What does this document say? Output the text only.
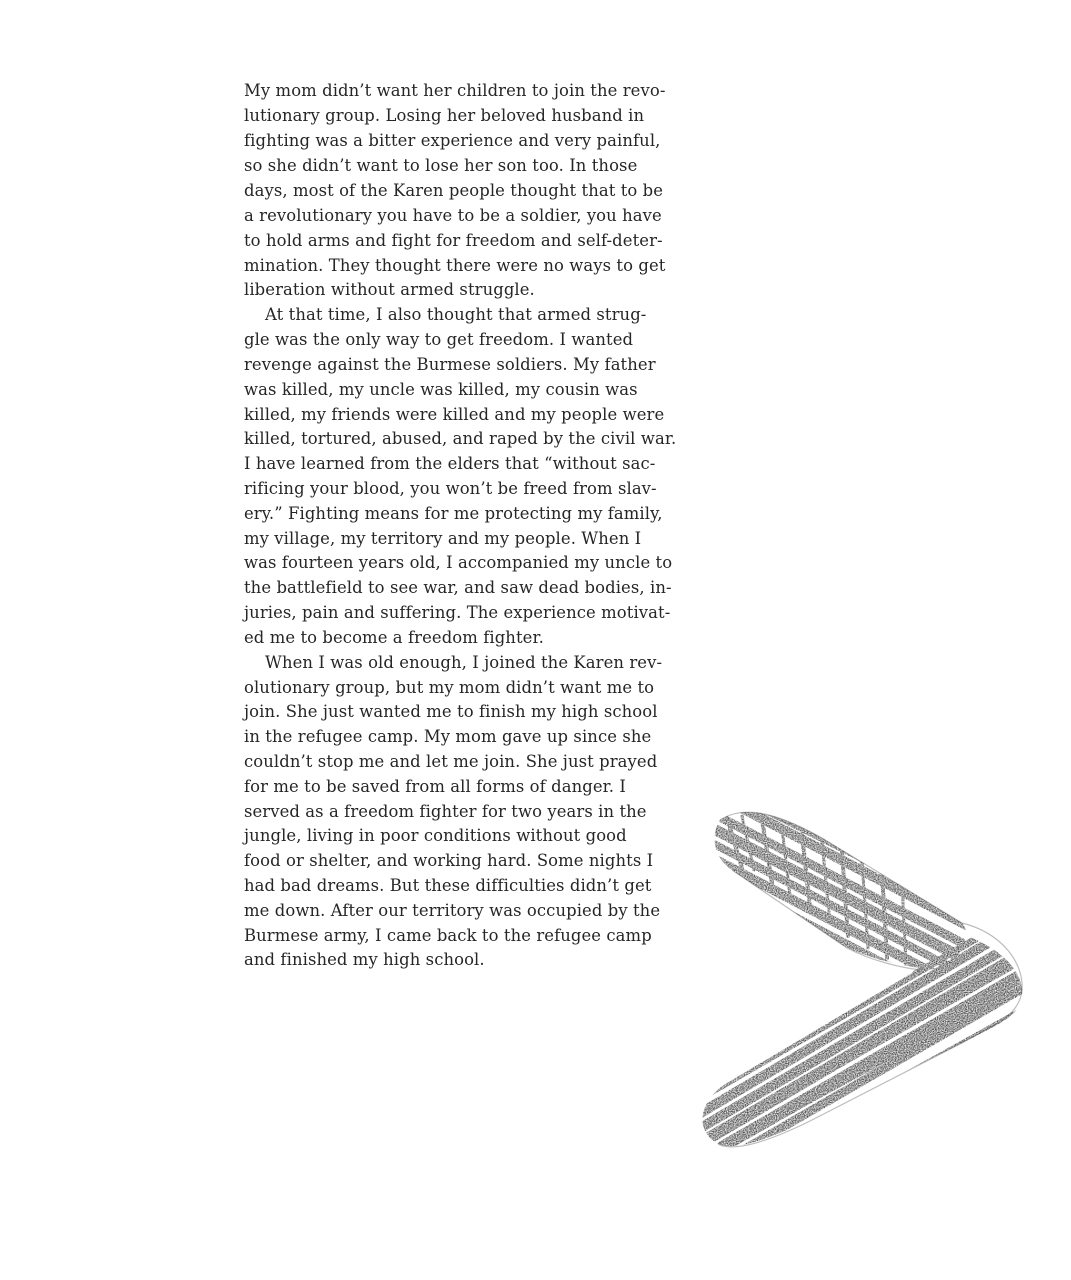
My mom didn’t want her children to join the revo-
lutionary group. Losing her beloved husband in
fighting was a bitter experience and very painful,
so she didn’t want to lose her son too. In those
days, most of the Karen people thought that to be
a revolutionary you have to be a soldier, you have
to hold arms and fight for freedom and self-deter-
mination. They thought there were no ways to get
liberation without armed struggle.
At that time, I also thought that armed strug-
gle was the only way to get freedom. I wanted
revenge against the Burmese soldiers. My father
was killed, my uncle was killed, my cousin was
killed, my friends were killed and my people were
killed, tortured, abused, and raped by the civil war.
I have learned from the elders that “without sac-
rificing your blood, you won’t be freed from slav-
ery.” Fighting means for me protecting my family,
my village, my territory and my people. When I
was fourteen years old, I accompanied my uncle to
the battlefield to see war, and saw dead bodies, in-
juries, pain and suffering. The experience motivat-
ed me to become a freedom fighter.
When I was old enough, I joined the Karen rev-
olutionary group, but my mom didn’t want me to
join. She just wanted me to finish my high school
in the refugee camp. My mom gave up since she
couldn’t stop me and let me join. She just prayed
for me to be saved from all forms of danger. I
served as a freedom fighter for two years in the
jungle, living in poor conditions without good
food or shelter, and working hard. Some nights I
had bad dreams. But these difficulties didn’t get
me down. After our territory was occupied by the
Burmese army, I came back to the refugee camp
and finished my high school.
